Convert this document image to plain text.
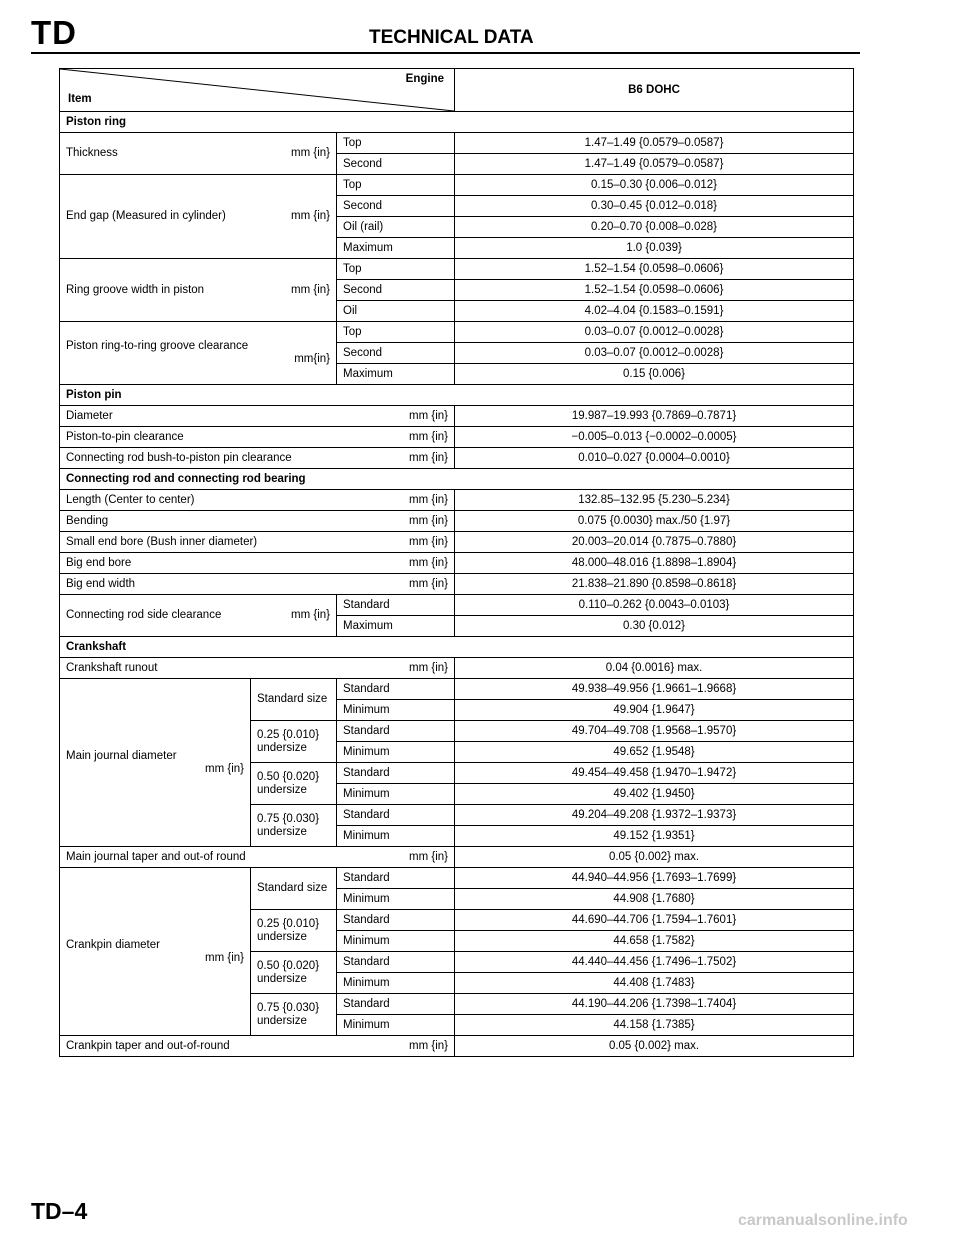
TD	TECHNICAL DATA
Engine
Item			B6 DOHC
Piston ring			

Thickness mm {in}		Top	1.47–1.49 {0.0579–0.0587}
		Second	1.47–1.49 {0.0579–0.0587}

End gap (Measured in cylinder) mm {in}		Top	0.15–0.30 {0.006–0.012}
		Second	0.30–0.45 {0.012–0.018}
		Oil (rail)	0.20–0.70 {0.008–0.028}
		Maximum	1.0 {0.039}

Ring groove width in piston mm {in}		Top	1.52–1.54 {0.0598–0.0606}
		Second	1.52–1.54 {0.0598–0.0606}
		Oil	4.02–4.04 {0.1583–0.1591}

Piston ring-to-ring groove clearance
mm{in}		Top	0.03–0.07 {0.0012–0.0028}
		Second	0.03–0.07 {0.0012–0.0028}
		Maximum	0.15 {0.006}
Piston pin			

Diameter mm {in}			19.987–19.993 {0.7869–0.7871}

Piston-to-pin clearance mm {in}			−0.005–0.013 {−0.0002–0.0005}

Connecting rod bush-to-piston pin clearance mm {in}			0.010–0.027 {0.0004–0.0010}
Connecting rod and connecting rod bearing			

Length (Center to center) mm {in}			132.85–132.95 {5.230–5.234}

Bending mm {in}			0.075 {0.0030} max./50 {1.97}

Small end bore (Bush inner diameter) mm {in}			20.003–20.014 {0.7875–0.7880}

Big end bore mm {in}			48.000–48.016 {1.8898–1.8904}

Big end width mm {in}			21.838–21.890 {0.8598–0.8618}

Connecting rod side clearance mm {in}		Standard	0.110–0.262 {0.0043–0.0103}
		Maximum	0.30 {0.012}
Crankshaft			

Crankshaft runout mm {in}			0.04 {0.0016} max.

Main journal diameter
mm {in}	Standard size	Standard	49.938–49.956 {1.9661–1.9668}
		Minimum	49.904 {1.9647}
	0.25 {0.010} undersize	Standard	49.704–49.708 {1.9568–1.9570}
		Minimum	49.652 {1.9548}
	0.50 {0.020} undersize	Standard	49.454–49.458 {1.9470–1.9472}
		Minimum	49.402 {1.9450}
	0.75 {0.030} undersize	Standard	49.204–49.208 {1.9372–1.9373}
		Minimum	49.152 {1.9351}

Main journal taper and out-of round mm {in}			0.05 {0.002} max.

Crankpin diameter
mm {in}	Standard size	Standard	44.940–44.956 {1.7693–1.7699}
		Minimum	44.908 {1.7680}
	0.25 {0.010} undersize	Standard	44.690–44.706 {1.7594–1.7601}
		Minimum	44.658 {1.7582}
	0.50 {0.020} undersize	Standard	44.440–44.456 {1.7496–1.7502}
		Minimum	44.408 {1.7483}
	0.75 {0.030} undersize	Standard	44.190–44.206 {1.7398–1.7404}
		Minimum	44.158 {1.7385}

Crankpin taper and out-of-round mm {in}			0.05 {0.002} max.
TD–4	carmanualsonline.info
